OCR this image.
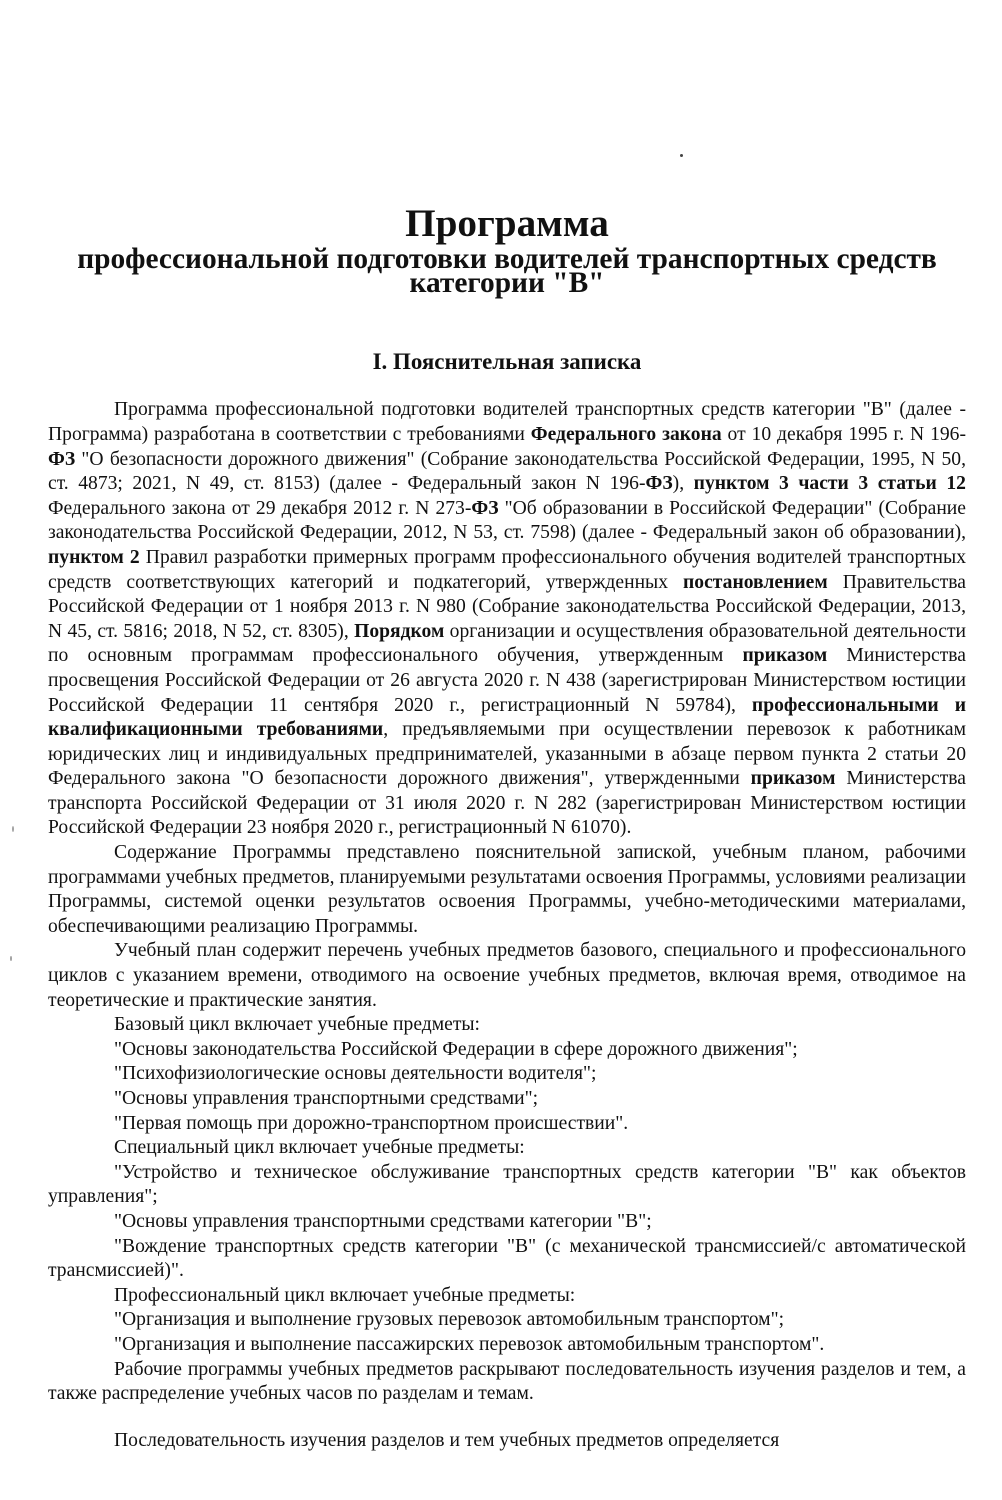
Программа
профессиональной подготовки водителей транспортных средств категории "B"
I. Пояснительная записка

Программа профессиональной подготовки водителей транспортных средств категории "B" (далее - Программа) разработана в соответствии с требованиями Федерального закона от 10 декабря 1995 г. N 196-ФЗ "О безопасности дорожного движения" (Собрание законодательства Российской Федерации, 1995, N 50, ст. 4873; 2021, N 49, ст. 8153) (далее - Федеральный закон N 196-ФЗ), пунктом 3 части 3 статьи 12 Федерального закона от 29 декабря 2012 г. N 273-ФЗ "Об образовании в Российской Федерации" (Собрание законодательства Российской Федерации, 2012, N 53, ст. 7598) (далее - Федеральный закон об образовании), пунктом 2 Правил разработки примерных программ профессионального обучения водителей транспортных средств соответствующих категорий и подкатегорий, утвержденных постановлением Правительства Российской Федерации от 1 ноября 2013 г. N 980 (Собрание законодательства Российской Федерации, 2013, N 45, ст. 5816; 2018, N 52, ст. 8305), Порядком организации и осуществления образовательной деятельности по основным программам профессионального обучения, утвержденным приказом Министерства просвещения Российской Федерации от 26 августа 2020 г. N 438 (зарегистрирован Министерством юстиции Российской Федерации 11 сентября 2020 г., регистрационный N 59784), профессиональными и квалификационными требованиями, предъявляемыми при осуществлении перевозок к работникам юридических лиц и индивидуальных предпринимателей, указанными в абзаце первом пункта 2 статьи 20 Федерального закона "О безопасности дорожного движения", утвержденными приказом Министерства транспорта Российской Федерации от 31 июля 2020 г. N 282 (зарегистрирован Министерством юстиции Российской Федерации 23 ноября 2020 г., регистрационный N 61070).

Содержание Программы представлено пояснительной запиской, учебным планом, рабочими программами учебных предметов, планируемыми результатами освоения Программы, условиями реализации Программы, системой оценки результатов освоения Программы, учебно-методическими материалами, обеспечивающими реализацию Программы.

Учебный план содержит перечень учебных предметов базового, специального и профессионального циклов с указанием времени, отводимого на освоение учебных предметов, включая время, отводимое на теоретические и практические занятия.

Базовый цикл включает учебные предметы:

"Основы законодательства Российской Федерации в сфере дорожного движения";

"Психофизиологические основы деятельности водителя";

"Основы управления транспортными средствами";

"Первая помощь при дорожно-транспортном происшествии".

Специальный цикл включает учебные предметы:

"Устройство и техническое обслуживание транспортных средств категории "B" как объектов управления";

"Основы управления транспортными средствами категории "B";

"Вождение транспортных средств категории "B" (с механической трансмиссией/с автоматической трансмиссией)".

Профессиональный цикл включает учебные предметы:

"Организация и выполнение грузовых перевозок автомобильным транспортом";

"Организация и выполнение пассажирских перевозок автомобильным транспортом".

Рабочие программы учебных предметов раскрывают последовательность изучения разделов и тем, а также распределение учебных часов по разделам и темам.

Последовательность изучения разделов и тем учебных предметов определяется
